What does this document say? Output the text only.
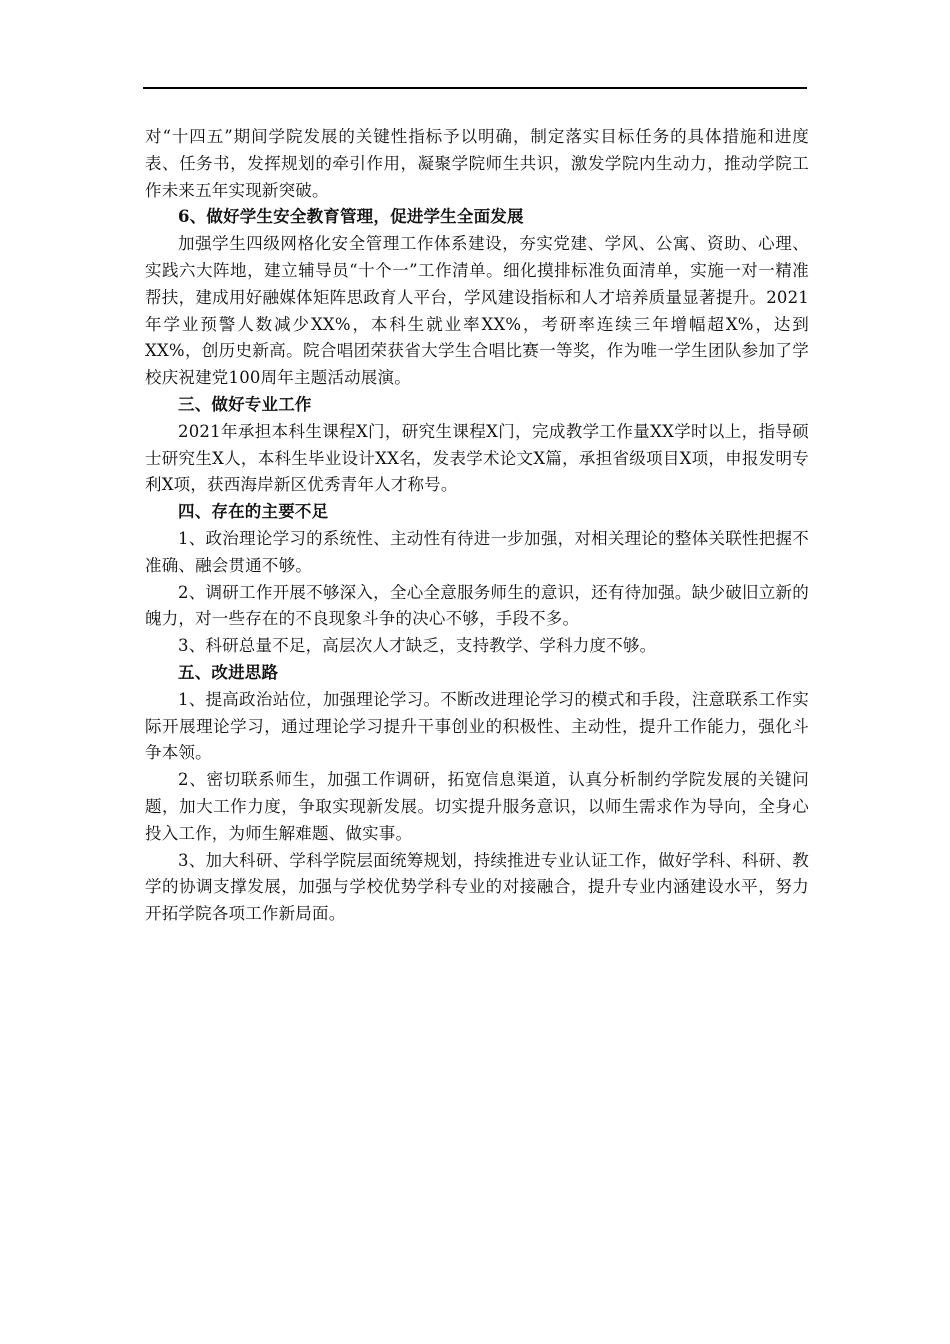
对“十四五”期间学院发展的关键性指标予以明确，制定落实目标任务的具体措施和进度表、任务书，发挥规划的牵引作用，凝聚学院师生共识，激发学院内生动力，推动学院工作未来五年实现新突破。

6、做好学生安全教育管理，促进学生全面发展

加强学生四级网格化安全管理工作体系建设，夯实党建、学风、公寓、资助、心理、实践六大阵地，建立辅导员“十个一”工作清单。细化摸排标准负面清单，实施一对一精准帮扶，建成用好融媒体矩阵思政育人平台，学风建设指标和人才培养质量显著提升。2021年学业预警人数减少XX%，本科生就业率XX%，考研率连续三年增幅超X%，达到XX%，创历史新高。院合唱团荣获省大学生合唱比赛一等奖，作为唯一学生团队参加了学校庆祝建党100周年主题活动展演。

三、做好专业工作

2021年承担本科生课程X门，研究生课程X门，完成教学工作量XX学时以上，指导硕士研究生X人，本科生毕业设计XX名，发表学术论文X篇，承担省级项目X项，申报发明专利X项，获西海岸新区优秀青年人才称号。

四、存在的主要不足

1、政治理论学习的系统性、主动性有待进一步加强，对相关理论的整体关联性把握不准确、融会贯通不够。

2、调研工作开展不够深入，全心全意服务师生的意识，还有待加强。缺少破旧立新的魄力，对一些存在的不良现象斗争的决心不够，手段不多。

3、科研总量不足，高层次人才缺乏，支持教学、学科力度不够。

五、改进思路

1、提高政治站位，加强理论学习。不断改进理论学习的模式和手段，注意联系工作实际开展理论学习，通过理论学习提升干事创业的积极性、主动性，提升工作能力，强化斗争本领。

2、密切联系师生，加强工作调研，拓宽信息渠道，认真分析制约学院发展的关键问题，加大工作力度，争取实现新发展。切实提升服务意识，以师生需求作为导向，全身心投入工作，为师生解难题、做实事。

3、加大科研、学科学院层面统筹规划，持续推进专业认证工作，做好学科、科研、教学的协调支撑发展，加强与学校优势学科专业的对接融合，提升专业内涵建设水平，努力开拓学院各项工作新局面。
